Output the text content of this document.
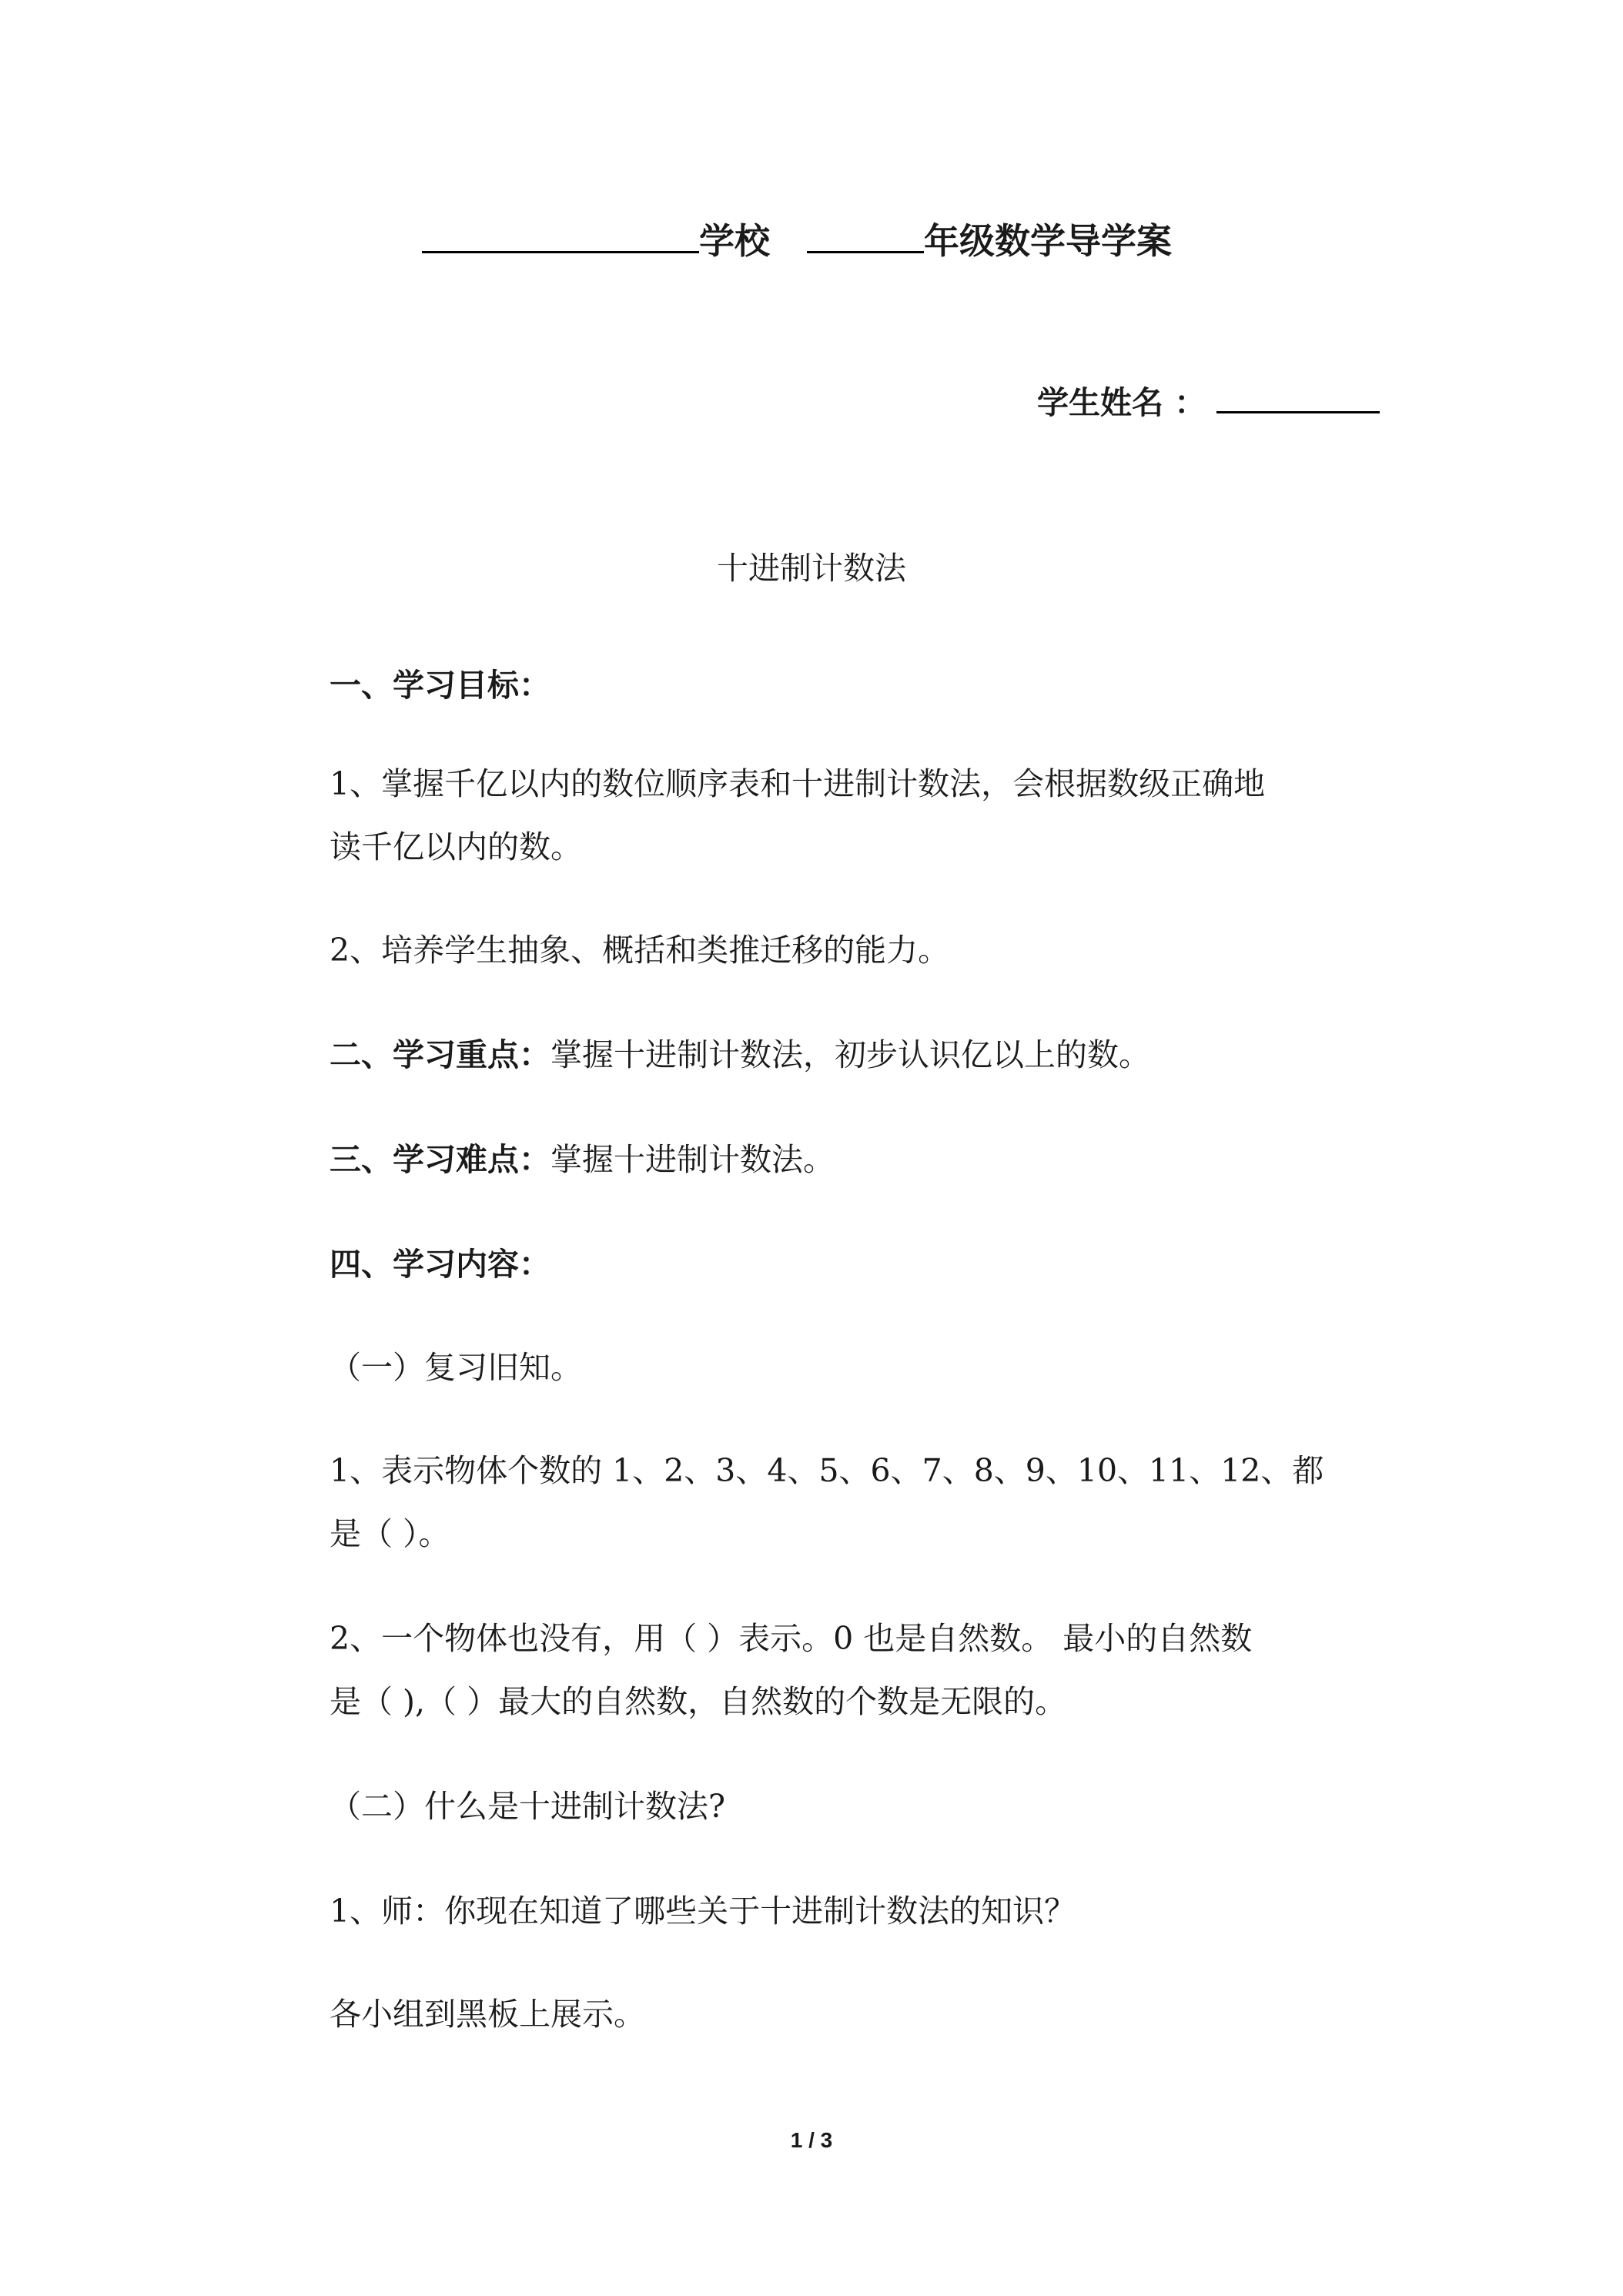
学校	年级数学导学案
学生姓名 ：
十进制计数法
一、学习目标：
1、掌握千亿以内的数位顺序表和十进制计数法，会根据数级正确地
读千亿以内的数。
2、培养学生抽象、概括和类推迁移的能力。
二、学习重点：掌握十进制计数法，初步认识亿以上的数。
三、学习难点：掌握十进制计数法。
四、学习内容：
（一）复习旧知。
1、表示物体个数的 1、2、3、4、5、6、7、8、9、10、11、12、都
是（ ）。
2、一个物体也没有，用（ ）表示。0 也是自然数。 最小的自然数
是（ ),（ ）最大的自然数，自然数的个数是无限的。
（二）什么是十进制计数法?
1、师：你现在知道了哪些关于十进制计数法的知识？
各小组到黑板上展示。
1 / 3
